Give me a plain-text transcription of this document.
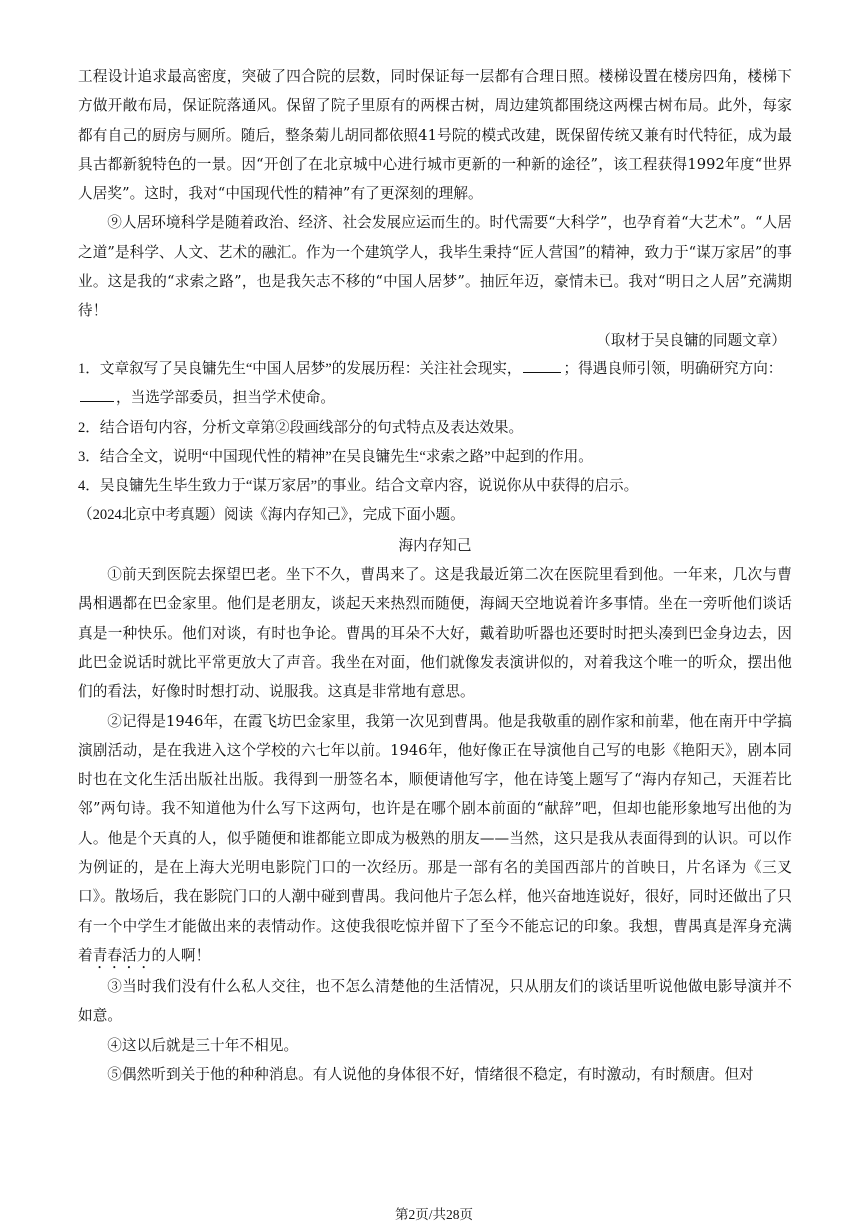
工程设计追求最高密度，突破了四合院的层数，同时保证每一层都有合理日照。楼梯设置在楼房四角，楼梯下方做开敞布局，保证院落通风。保留了院子里原有的两棵古树，周边建筑都围绕这两棵古树布局。此外，每家都有自己的厨房与厕所。随后，整条菊儿胡同都依照41号院的模式改建，既保留传统又兼有时代特征，成为最具古都新貌特色的一景。因“开创了在北京城中心进行城市更新的一种新的途径”，该工程获得1992年度“世界人居奖”。这时，我对“中国现代性的精神”有了更深刻的理解。

⑨人居环境科学是随着政治、经济、社会发展应运而生的。时代需要“大科学”，也孕育着“大艺术”。“人居之道”是科学、人文、艺术的融汇。作为一个建筑学人，我毕生秉持“匠人营国”的精神，致力于“谋万家居”的事业。这是我的“求索之路”，也是我矢志不移的“中国人居梦”。抽匠年迈，豪情未已。我对“明日之人居”充满期待！

（取材于吴良镛的同题文章）

1．文章叙写了吴良镛先生“中国人居梦”的发展历程：关注社会现实，	；得遇良师引领，明确研究方向：，当选学部委员，担当学术使命。

2．结合语句内容，分析文章第②段画线部分的句式特点及表达效果。

3．结合全文，说明“中国现代性的精神”在吴良镛先生“求索之路”中起到的作用。

4．吴良镛先生毕生致力于“谋万家居”的事业。结合文章内容，说说你从中获得的启示。

（2024北京中考真题）阅读《海内存知己》，完成下面小题。

海内存知己

①前天到医院去探望巴老。坐下不久，曹禺来了。这是我最近第二次在医院里看到他。一年来，几次与曹禺相遇都在巴金家里。他们是老朋友，谈起天来热烈而随便，海阔天空地说着许多事情。坐在一旁听他们谈话真是一种快乐。他们对谈，有时也争论。曹禺的耳朵不大好，戴着助听器也还要时时把头凑到巴金身边去，因此巴金说话时就比平常更放大了声音。我坐在对面，他们就像发表演讲似的，对着我这个唯一的听众，摆出他们的看法，好像时时想打动、说服我。这真是非常地有意思。

②记得是1946年，在霞飞坊巴金家里，我第一次见到曹禺。他是我敬重的剧作家和前辈，他在南开中学搞演剧活动，是在我进入这个学校的六七年以前。1946年，他好像正在导演他自己写的电影《艳阳天》，剧本同时也在文化生活出版社出版。我得到一册签名本，顺便请他写字，他在诗笺上题写了“海内存知己，天涯若比邻”两句诗。我不知道他为什么写下这两句，也许是在哪个剧本前面的“献辞”吧，但却也能形象地写出他的为人。他是个天真的人，似乎随便和谁都能立即成为极熟的朋友——当然，这只是我从表面得到的认识。可以作为例证的，是在上海大光明电影院门口的一次经历。那是一部有名的美国西部片的首映日，片名译为《三叉口》。散场后，我在影院门口的人潮中碰到曹禺。我问他片子怎么样，他兴奋地连说好，很好，同时还做出了只有一个中学生才能做出来的表情动作。这使我很吃惊并留下了至今不能忘记的印象。我想，曹禺真是浑身充满着青春活力的人啊！

③当时我们没有什么私人交往，也不怎么清楚他的生活情况，只从朋友们的谈话里听说他做电影导演并不如意。

④这以后就是三十年不相见。

⑤偶然听到关于他的种种消息。有人说他的身体很不好，情绪很不稳定，有时激动，有时颓唐。但对

第2页/共28页
